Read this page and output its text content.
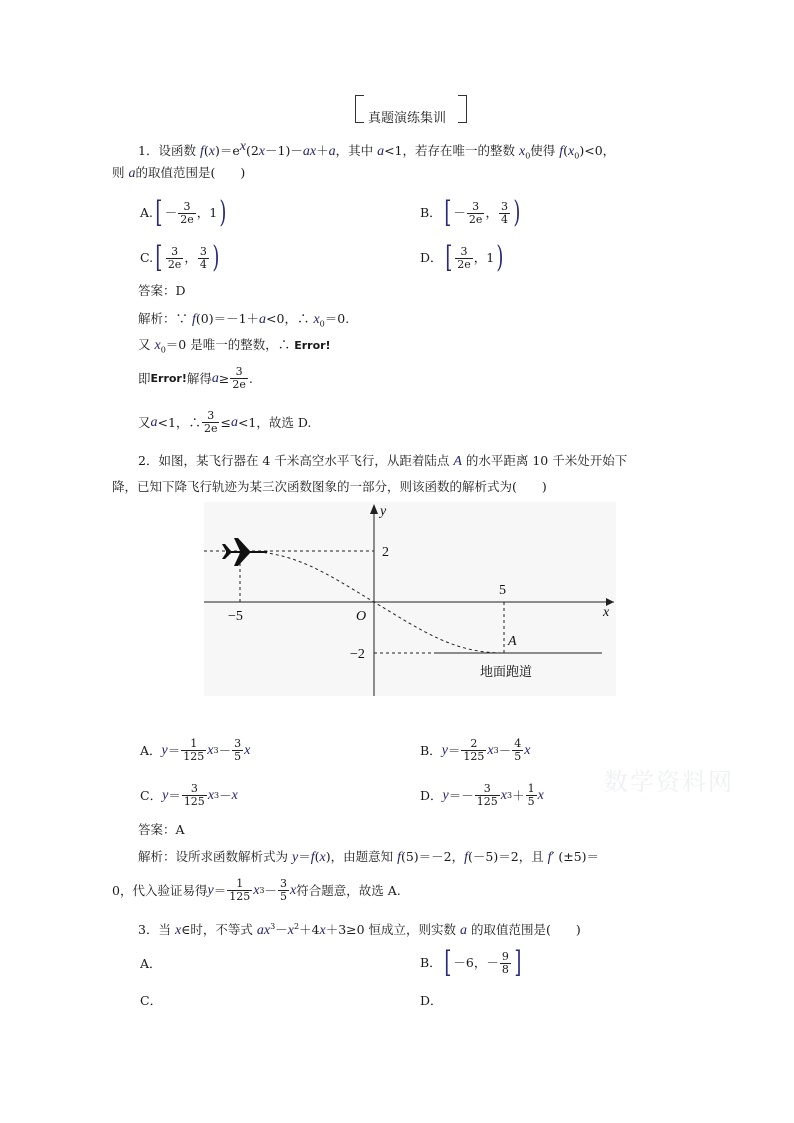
真题演练集训
1．设函数 $f(x)=e^x(2x-1)-ax+a$，其中 a<1，若存在唯一的整数 $x_0$使得 $f(x_0)<0$，
则 a的取值范围是(　　)
A. [ － $\frac{3}{2e}$ ，1 )	B． [ － $\frac{3}{2e}$ ， $\frac{3}{4}$ )
C. [ $\frac{3}{2e}$ ， $\frac{3}{4}$ )	D． [ $\frac{3}{2e}$ ，1 )
答案：D
解析：∵ f(0)＝－1＋a<0，∴ $x_0=0$.
又 $x_0=0$ 是唯一的整数，∴ Error!
即 Error! 解得 $a \ge \frac{3}{2e}$ .
又 a <1，∴ $\frac{3}{2e} \le a <1$，故选 D.
2．如图，某飞行器在 4 千米高空水平飞行，从距着陆点 A 的水平距离 10 千米处开始下
降，已知下降飞行轨迹为某三次函数图象的一部分，则该函数的解析式为(　　)
y
x
O
2
−2
−5
5
A
地面跑道
A． $y = \frac{1}{125}$ x $3 - \frac{3}{5}$ x	B． $y = \frac{2}{125}$ x $3 - \frac{4}{5}$ x
C． $y = \frac{3}{125}$ x 3 － x	D． $y =- \frac{3}{125}$ x $3 + \frac{1}{5}$ x
答案：A
解析：设所求函数解析式为 y＝f(x)，由题意知 f(5)＝－2，f(－5)＝2，且 f′ (±5)＝
0，代入验证易得 $y = \frac{1}{125}$ x $3 - \frac{3}{5}$ x 符合题意，故选 A.
3．当 x∈时，不等式 $ax^3-x^2+4x+3\ge 0$ 恒成立，则实数 a 的取值范围是(　　)
A．	B． [ －6，－ $\frac{9}{8}$ ]
C．	D．
数学资料网
